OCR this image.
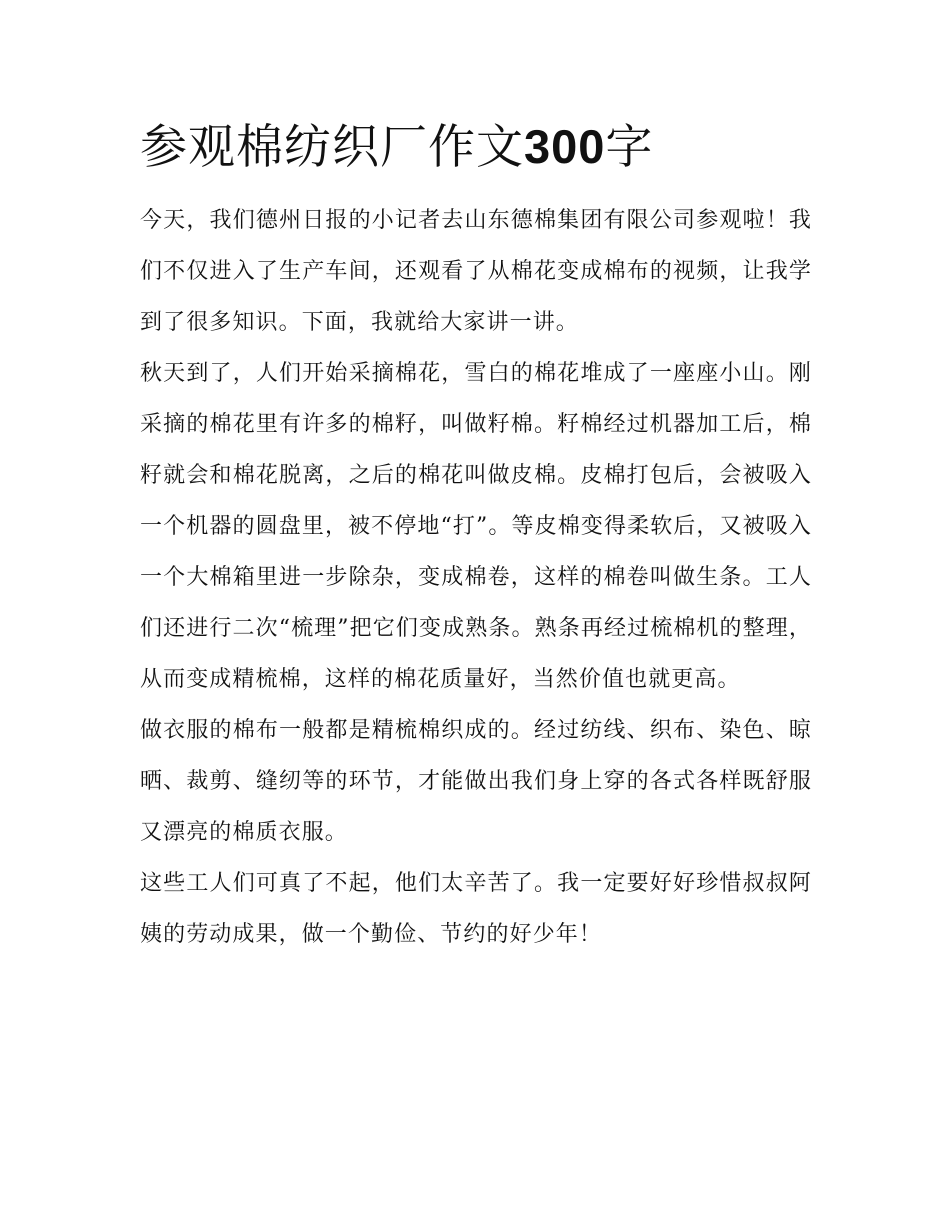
参观棉纺织厂作文300字

今天，我们德州日报的小记者去山东德棉集团有限公司参观啦！我们不仅进入了生产车间，还观看了从棉花变成棉布的视频，让我学到了很多知识。下面，我就给大家讲一讲。

秋天到了，人们开始采摘棉花，雪白的棉花堆成了一座座小山。刚采摘的棉花里有许多的棉籽，叫做籽棉。籽棉经过机器加工后，棉籽就会和棉花脱离，之后的棉花叫做皮棉。皮棉打包后，会被吸入一个机器的圆盘里，被不停地“打”。等皮棉变得柔软后，又被吸入一个大棉箱里进一步除杂，变成棉卷，这样的棉卷叫做生条。工人们还进行二次“梳理”把它们变成熟条。熟条再经过梳棉机的整理，从而变成精梳棉，这样的棉花质量好，当然价值也就更高。

做衣服的棉布一般都是精梳棉织成的。经过纺线、织布、染色、晾晒、裁剪、缝纫等的环节，才能做出我们身上穿的各式各样既舒服又漂亮的棉质衣服。

这些工人们可真了不起，他们太辛苦了。我一定要好好珍惜叔叔阿姨的劳动成果，做一个勤俭、节约的好少年！
